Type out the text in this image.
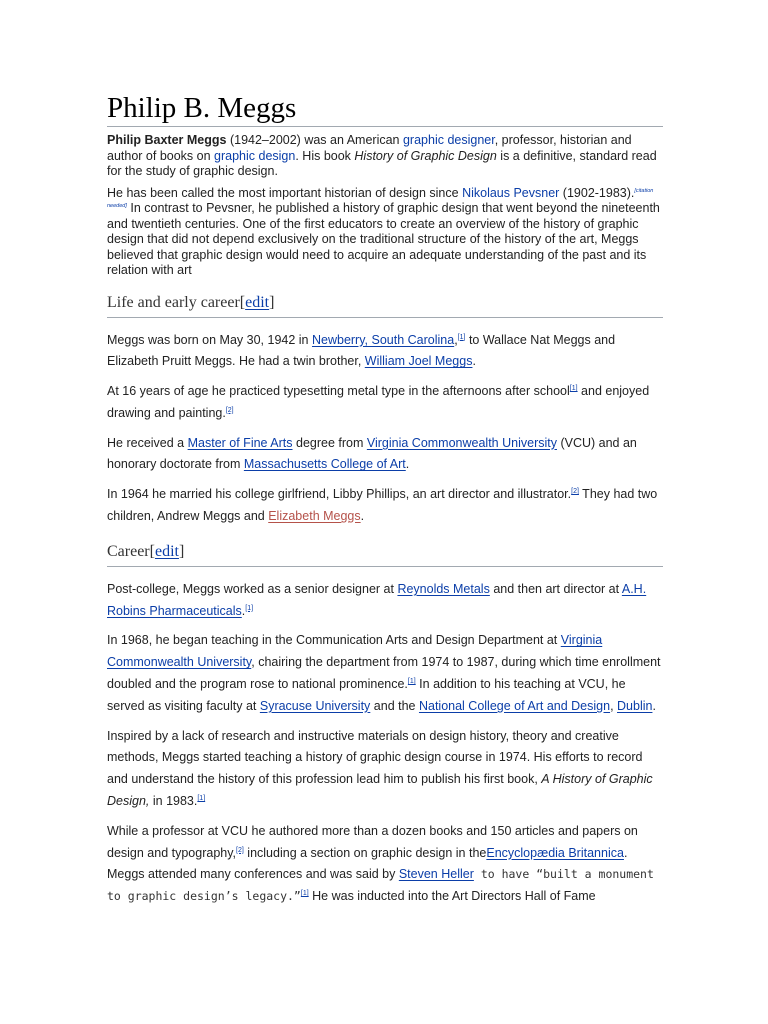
Philip B. Meggs

Philip Baxter Meggs (1942–2002) was an American graphic designer, professor, historian and author of books on graphic design. His book History of Graphic Design is a definitive, standard read for the study of graphic design.

He has been called the most important historian of design since Nikolaus Pevsner (1902-1983).[citation needed] In contrast to Pevsner, he published a history of graphic design that went beyond the nineteenth and twentieth centuries. One of the first educators to create an overview of the history of graphic design that did not depend exclusively on the traditional structure of the history of the art, Meggs believed that graphic design would need to acquire an adequate understanding of the past and its relation with art

Life and early career[edit]

Meggs was born on May 30, 1942 in Newberry, South Carolina,[1] to Wallace Nat Meggs and Elizabeth Pruitt Meggs. He had a twin brother, William Joel Meggs.

At 16 years of age he practiced typesetting metal type in the afternoons after school[1] and enjoyed drawing and painting.[2]

He received a Master of Fine Arts degree from Virginia Commonwealth University (VCU) and an honorary doctorate from Massachusetts College of Art.

In 1964 he married his college girlfriend, Libby Phillips, an art director and illustrator.[2] They had two children, Andrew Meggs and Elizabeth Meggs.

Career[edit]

Post-college, Meggs worked as a senior designer at Reynolds Metals and then art director at A.H. Robins Pharmaceuticals.[1]

In 1968, he began teaching in the Communication Arts and Design Department at Virginia Commonwealth University, chairing the department from 1974 to 1987, during which time enrollment doubled and the program rose to national prominence.[1] In addition to his teaching at VCU, he served as visiting faculty at Syracuse University and the National College of Art and Design, Dublin.

Inspired by a lack of research and instructive materials on design history, theory and creative methods, Meggs started teaching a history of graphic design course in 1974. His efforts to record and understand the history of this profession lead him to publish his first book, A History of Graphic Design, in 1983.[1]

While a professor at VCU he authored more than a dozen books and 150 articles and papers on design and typography,[2] including a section on graphic design in theEncyclopædia Britannica. Meggs attended many conferences and was said by Steven Heller to have “built a monument to graphic design’s legacy.”[1] He was inducted into the Art Directors Hall of Fame
